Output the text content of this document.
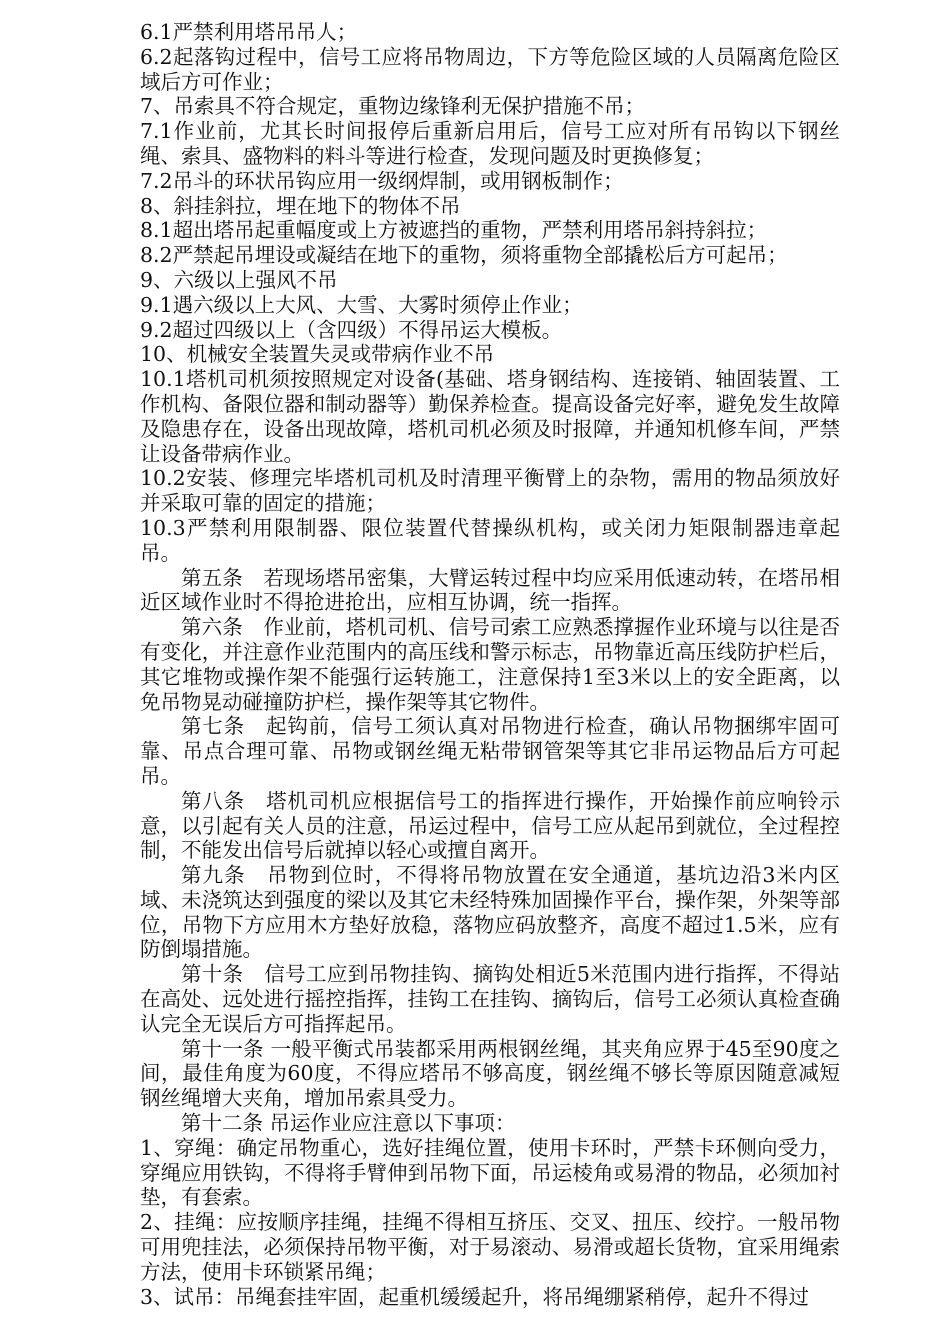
6.1严禁利用塔吊吊人；

6.2起落钩过程中，信号工应将吊物周边，下方等危险区域的人员隔离危险区域后方可作业；

7、吊索具不符合规定，重物边缘锋利无保护措施不吊；

7.1作业前，尤其长时间报停后重新启用后，信号工应对所有吊钩以下钢丝绳、索具、盛物料的料斗等进行检查，发现问题及时更换修复；

7.2吊斗的环状吊钩应用一级纲焊制，或用钢板制作；

8、斜挂斜拉，埋在地下的物体不吊

8.1超出塔吊起重幅度或上方被遮挡的重物，严禁利用塔吊斜持斜拉；

8.2严禁起吊埋设或凝结在地下的重物，须将重物全部撬松后方可起吊；

9、六级以上强风不吊

9.1遇六级以上大风、大雪、大雾时须停止作业；

9.2超过四级以上（含四级）不得吊运大模板。

10、机械安全装置失灵或带病作业不吊

10.1塔机司机须按照规定对设备(基础、塔身钢结构、连接销、轴固装置、工作机构、备限位器和制动器等）勤保养检查。提高设备完好率，避免发生故障及隐患存在，设备出现故障，塔机司机必须及时报障，并通知机修车间，严禁让设备带病作业。

10.2安装、修理完毕塔机司机及时清理平衡臂上的杂物，需用的物品须放好并采取可靠的固定的措施；

10.3严禁利用限制器、限位装置代替操纵机构，或关闭力矩限制器违章起吊。

第五条　若现场塔吊密集，大臂运转过程中均应采用低速动转，在塔吊相近区域作业时不得抢进抢出，应相互协调，统一指挥。

第六条　作业前，塔机司机、信号司索工应熟悉撑握作业环境与以往是否有变化，并注意作业范围内的高压线和警示标志，吊物靠近高压线防护栏后，其它堆物或操作架不能强行运转施工，注意保持1至3米以上的安全距离，以免吊物晃动碰撞防护栏，操作架等其它物件。

第七条　起钩前，信号工须认真对吊物进行检查，确认吊物捆绑牢固可靠、吊点合理可靠、吊物或钢丝绳无粘带钢管架等其它非吊运物品后方可起吊。

第八条　塔机司机应根据信号工的指挥进行操作，开始操作前应响铃示意，以引起有关人员的注意，吊运过程中，信号工应从起吊到就位，全过程控制，不能发出信号后就掉以轻心或擅自离开。

第九条　吊物到位时，不得将吊物放置在安全通道，基坑边沿3米内区域、未浇筑达到强度的梁以及其它未经特殊加固操作平台，操作架，外架等部位，吊物下方应用木方垫好放稳，落物应码放整齐，高度不超过1.5米，应有防倒塌措施。

第十条　信号工应到吊物挂钩、摘钩处相近5米范围内进行指挥，不得站在高处、远处进行摇控指挥，挂钩工在挂钩、摘钩后，信号工必须认真检查确认完全无误后方可指挥起吊。

第十一条 一般平衡式吊装都采用两根钢丝绳，其夹角应界于45至90度之间，最佳角度为60度，不得应塔吊不够高度，钢丝绳不够长等原因随意减短钢丝绳增大夹角，增加吊索具受力。

第十二条 吊运作业应注意以下事项：

1、穿绳：确定吊物重心，选好挂绳位置，使用卡环时，严禁卡环侧向受力，穿绳应用铁钩，不得将手臂伸到吊物下面，吊运棱角或易滑的物品，必须加衬垫，有套索。

2、挂绳：应按顺序挂绳，挂绳不得相互挤压、交叉、扭压、绞拧。一般吊物可用兜挂法，必须保持吊物平衡，对于易滚动、易滑或超长货物，宜采用绳索方法，使用卡环锁紧吊绳；

3、试吊：吊绳套挂牢固，起重机缓缓起升，将吊绳绷紧稍停，起升不得过
